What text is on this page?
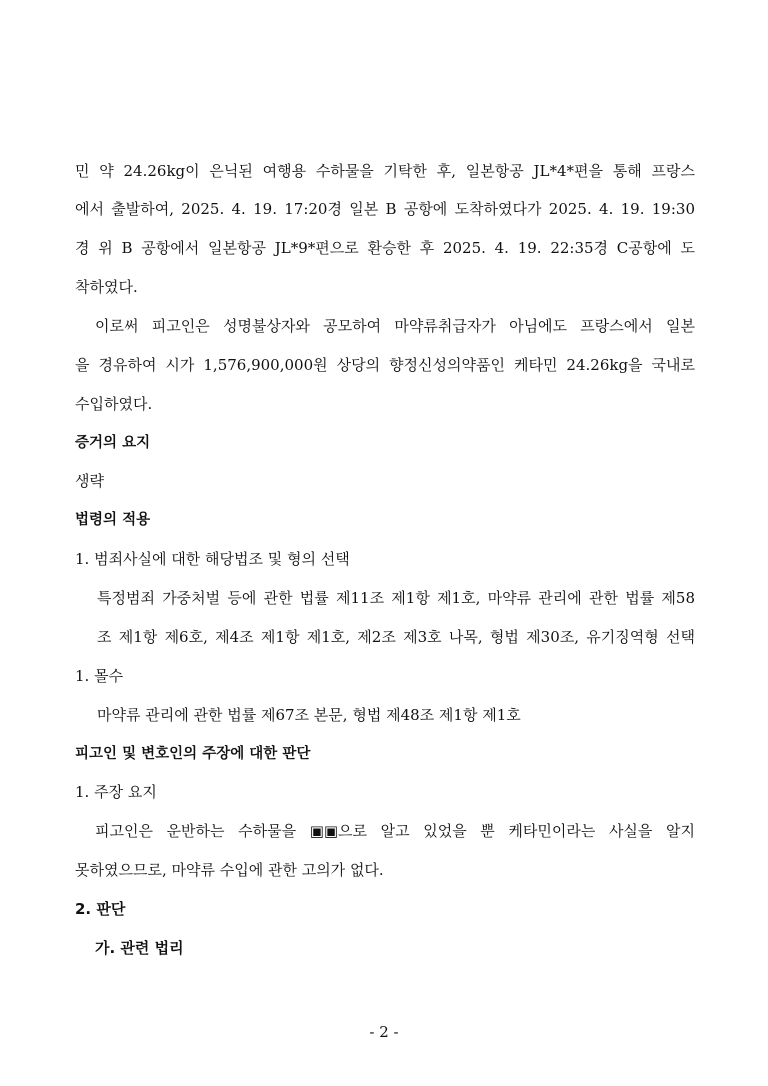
민 약 24.26kg이 은닉된 여행용 수하물을 기탁한 후, 일본항공 JL*4*편을 통해 프랑스
에서 출발하여, 2025. 4. 19. 17:20경 일본 B 공항에 도착하였다가 2025. 4. 19. 19:30
경 위 B 공항에서 일본항공 JL*9*편으로 환승한 후 2025. 4. 19. 22:35경 C공항에 도
착하였다.
이로써 피고인은 성명불상자와 공모하여 마약류취급자가 아님에도 프랑스에서 일본
을 경유하여 시가 1,576,900,000원 상당의 향정신성의약품인 케타민 24.26kg을 국내로
수입하였다.
증거의 요지
생략
법령의 적용
1. 범죄사실에 대한 해당법조 및 형의 선택
특정범죄 가중처벌 등에 관한 법률 제11조 제1항 제1호, 마약류 관리에 관한 법률 제58
조 제1항 제6호, 제4조 제1항 제1호, 제2조 제3호 나목, 형법 제30조, 유기징역형 선택
1. 몰수
마약류 관리에 관한 법률 제67조 본문, 형법 제48조 제1항 제1호
피고인 및 변호인의 주장에 대한 판단
1. 주장 요지
피고인은 운반하는 수하물을 ▣▣으로 알고 있었을 뿐 케타민이라는 사실을 알지
못하였으므로, 마약류 수입에 관한 고의가 없다.
2. 판단
가. 관련 법리
- 2 -
